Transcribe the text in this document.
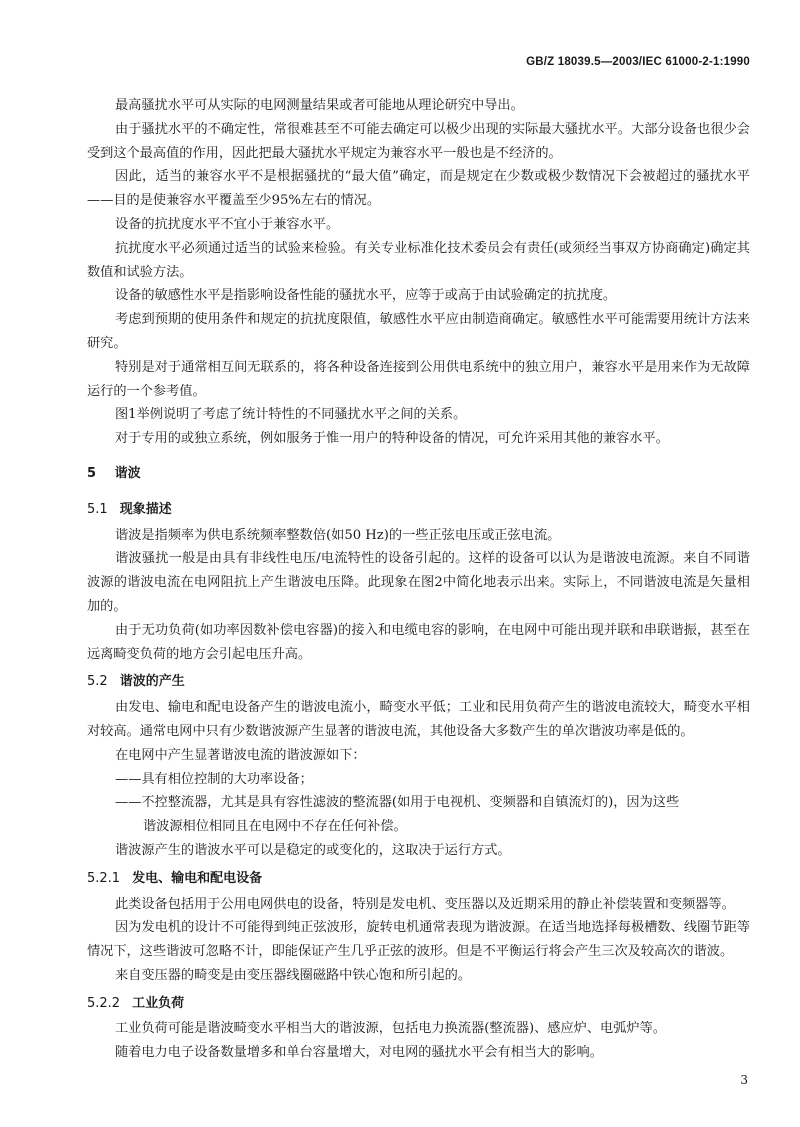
GB/Z 18039.5—2003/IEC 61000-2-1:1990

最高骚扰水平可从实际的电网测量结果或者可能地从理论研究中导出。

由于骚扰水平的不确定性，常很难甚至不可能去确定可以极少出现的实际最大骚扰水平。大部分设备也很少会受到这个最高值的作用，因此把最大骚扰水平规定为兼容水平一般也是不经济的。

因此，适当的兼容水平不是根据骚扰的“最大值”确定，而是规定在少数或极少数情况下会被超过的骚扰水平——目的是使兼容水平覆盖至少95%左右的情况。

设备的抗扰度水平不宜小于兼容水平。

抗扰度水平必须通过适当的试验来检验。有关专业标准化技术委员会有责任(或须经当事双方协商确定)确定其数值和试验方法。

设备的敏感性水平是指影响设备性能的骚扰水平，应等于或高于由试验确定的抗扰度。

考虑到预期的使用条件和规定的抗扰度限值，敏感性水平应由制造商确定。敏感性水平可能需要用统计方法来研究。

特别是对于通常相互间无联系的，将各种设备连接到公用供电系统中的独立用户，兼容水平是用来作为无故障运行的一个参考值。

图1举例说明了考虑了统计特性的不同骚扰水平之间的关系。

对于专用的或独立系统，例如服务于惟一用户的特种设备的情况，可允许采用其他的兼容水平。

5 谐波
5.1 现象描述

谐波是指频率为供电系统频率整数倍(如50 Hz)的一些正弦电压或正弦电流。

谐波骚扰一般是由具有非线性电压/电流特性的设备引起的。这样的设备可以认为是谐波电流源。来自不同谐波源的谐波电流在电网阻抗上产生谐波电压降。此现象在图2中简化地表示出来。实际上，不同谐波电流是矢量相加的。

由于无功负荷(如功率因数补偿电容器)的接入和电缆电容的影响，在电网中可能出现并联和串联谐振，甚至在远离畸变负荷的地方会引起电压升高。

5.2 谐波的产生

由发电、输电和配电设备产生的谐波电流小，畸变水平低；工业和民用负荷产生的谐波电流较大，畸变水平相对较高。通常电网中只有少数谐波源产生显著的谐波电流，其他设备大多数产生的单次谐波功率是低的。

在电网中产生显著谐波电流的谐波源如下：

——具有相位控制的大功率设备；

——不控整流器，尤其是具有容性滤波的整流器(如用于电视机、变频器和自镇流灯的)，因为这些

谐波源相位相同且在电网中不存在任何补偿。

谐波源产生的谐波水平可以是稳定的或变化的，这取决于运行方式。

5.2.1 发电、输电和配电设备

此类设备包括用于公用电网供电的设备，特别是发电机、变压器以及近期采用的静止补偿装置和变频器等。

因为发电机的设计不可能得到纯正弦波形，旋转电机通常表现为谐波源。在适当地选择每极槽数、线圈节距等情况下，这些谐波可忽略不计，即能保证产生几乎正弦的波形。但是不平衡运行将会产生三次及较高次的谐波。

来自变压器的畸变是由变压器线圈磁路中铁心饱和所引起的。

5.2.2 工业负荷

工业负荷可能是谐波畸变水平相当大的谐波源，包括电力换流器(整流器)、感应炉、电弧炉等。

随着电力电子设备数量增多和单台容量增大，对电网的骚扰水平会有相当大的影响。

3
